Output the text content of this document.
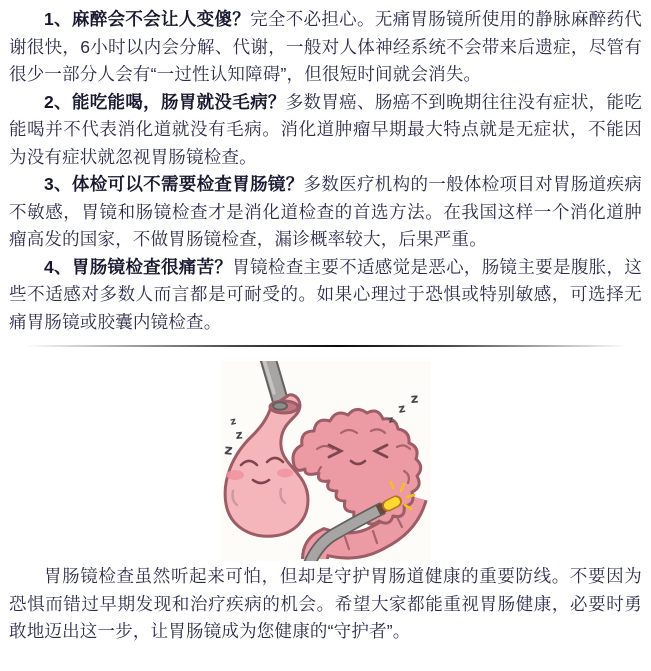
1、麻醉会不会让人变傻？完全不必担心。无痛胃肠镜所使用的静脉麻醉药代谢很快，6小时以内会分解、代谢，一般对人体神经系统不会带来后遗症，尽管有很少一部分人会有“一过性认知障碍”，但很短时间就会消失。

2、能吃能喝，肠胃就没毛病？多数胃癌、肠癌不到晚期往往没有症状，能吃能喝并不代表消化道就没有毛病。消化道肿瘤早期最大特点就是无症状，不能因为没有症状就忽视胃肠镜检查。

3、体检可以不需要检查胃肠镜？多数医疗机构的一般体检项目对胃肠道疾病不敏感，胃镜和肠镜检查才是消化道检查的首选方法。在我国这样一个消化道肿瘤高发的国家，不做胃肠镜检查，漏诊概率较大，后果严重。

4、胃肠镜检查很痛苦？胃镜检查主要不适感觉是恶心，肠镜主要是腹胀，这些不适感对多数人而言都是可耐受的。如果心理过于恐惧或特别敏感，可选择无痛胃肠镜或胶囊内镜检查。

z
z
z
z
z
z

胃肠镜检查虽然听起来可怕，但却是守护胃肠道健康的重要防线。不要因为恐惧而错过早期发现和治疗疾病的机会。希望大家都能重视胃肠健康，必要时勇敢地迈出这一步，让胃肠镜成为您健康的“守护者”。
